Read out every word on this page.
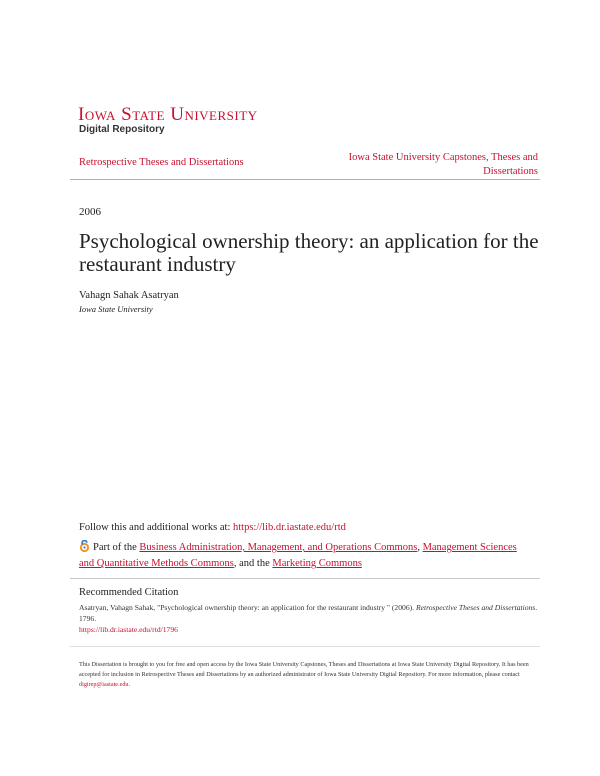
Iowa State University
Digital Repository
Retrospective Theses and Dissertations	Iowa State University Capstones, Theses and Dissertations
2006
Psychological ownership theory: an application for the restaurant industry
Vahagn Sahak Asatryan
Iowa State University
Follow this and additional works at: https://lib.dr.iastate.edu/rtd
Part of the Business Administration, Management, and Operations Commons, Management Sciences and Quantitative Methods Commons, and the Marketing Commons
Recommended Citation
Asatryan, Vahagn Sahak, "Psychological ownership theory: an application for the restaurant industry " (2006). Retrospective Theses and Dissertations. 1796.
https://lib.dr.iastate.edu/rtd/1796
This Dissertation is brought to you for free and open access by the Iowa State University Capstones, Theses and Dissertations at Iowa State University Digital Repository. It has been accepted for inclusion in Retrospective Theses and Dissertations by an authorized administrator of Iowa State University Digital Repository. For more information, please contact digirep@iastate.edu.
